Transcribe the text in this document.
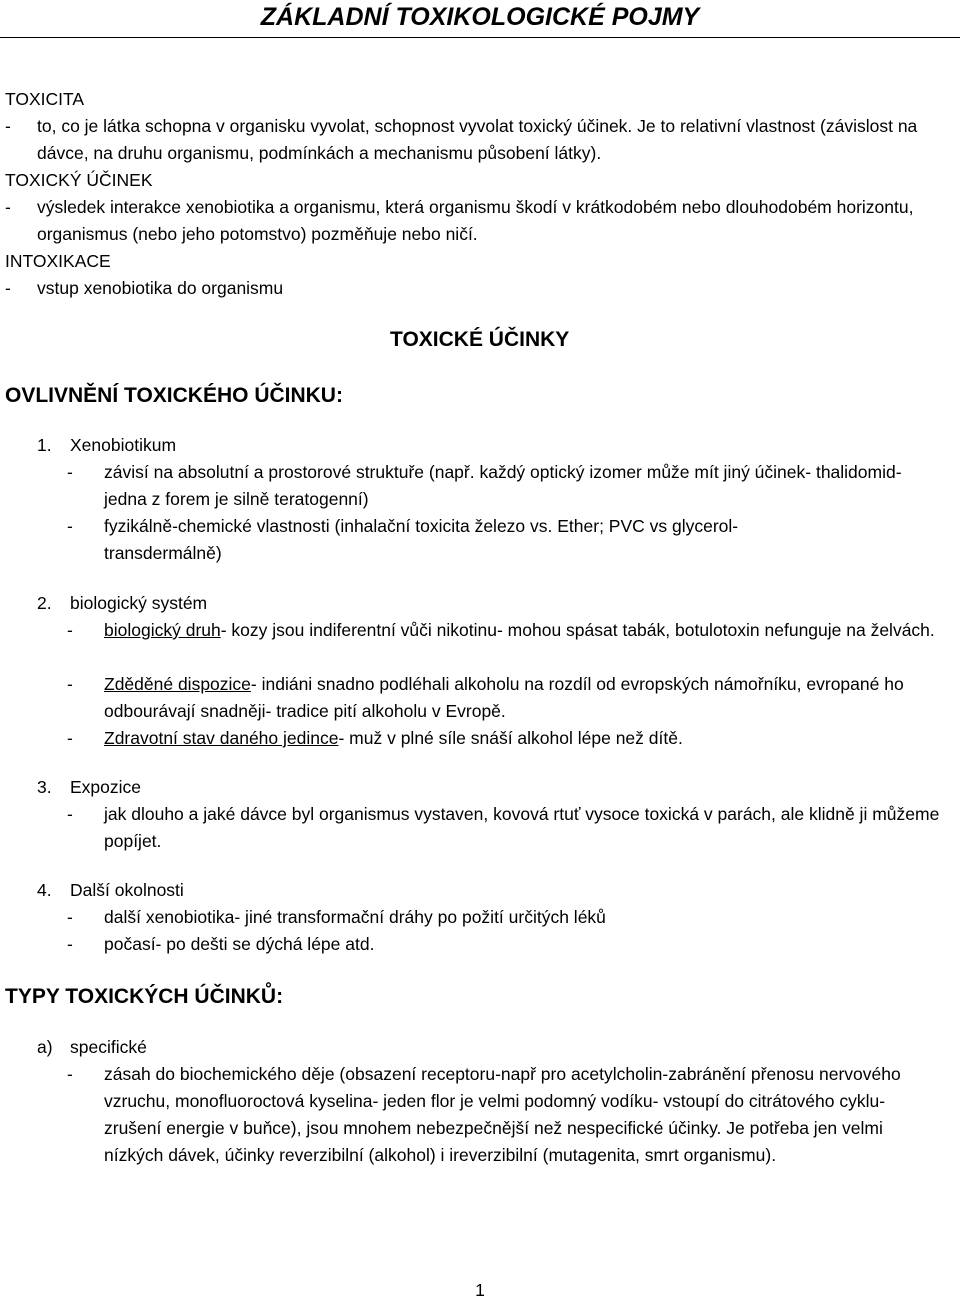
ZÁKLADNÍ TOXIKOLOGICKÉ POJMY
TOXICITA
- to, co je látka schopna v organisku vyvolat, schopnost vyvolat toxický účinek. Je to relativní vlastnost (závislost na dávce, na druhu organismu, podmínkách a mechanismu působení látky).
TOXICKÝ ÚČINEK
- výsledek interakce xenobiotika a organismu, která organismu škodí v krátkodobém nebo dlouhodobém horizontu, organismus (nebo jeho potomstvo) pozměňuje nebo ničí.
INTOXIKACE
- vstup xenobiotika do organismu
TOXICKÉ ÚČINKY
OVLIVNĚNÍ TOXICKÉHO ÚČINKU:
1. Xenobiotikum
- závisí na absolutní a prostorové struktuře (např. každý optický izomer může mít jiný účinek- thalidomid- jedna z forem je silně teratogenní)
- fyzikálně-chemické vlastnosti (inhalační toxicita železo vs. Ether; PVC vs glycerol- transdermálně)
2. biologický systém
- biologický druh- kozy jsou indiferentní vůči nikotinu- mohou spásat tabák, botulotoxin nefunguje na želvách.
- Zděděné dispozice- indiáni snadno podléhali alkoholu na rozdíl od evropských námořníku, evropané ho odbourávají snadněji- tradice pití alkoholu v Evropě.
- Zdravotní stav daného jedince- muž v plné síle snáší alkohol lépe než dítě.
3. Expozice
- jak dlouho a jaké dávce byl organismus vystaven, kovová rtuť vysoce toxická v parách, ale klidně ji můžeme popíjet.
4. Další okolnosti
- další xenobiotika- jiné transformační dráhy po požití určitých léků
- počasí- po dešti se dýchá lépe atd.
TYPY TOXICKÝCH ÚČINKŮ:
a) specifické
- zásah do biochemického děje (obsazení receptoru-např pro acetylcholin-zabránění přenosu nervového vzruchu, monofluoroctová kyselina- jeden flor je velmi podomný vodíku- vstoupí do citrátového cyklu- zrušení energie v buňce), jsou mnohem nebezpečnější než nespecifické účinky. Je potřeba jen velmi nízkých dávek, účinky reverzibilní (alkohol) i ireverzibilní (mutagenita, smrt organismu).
1
